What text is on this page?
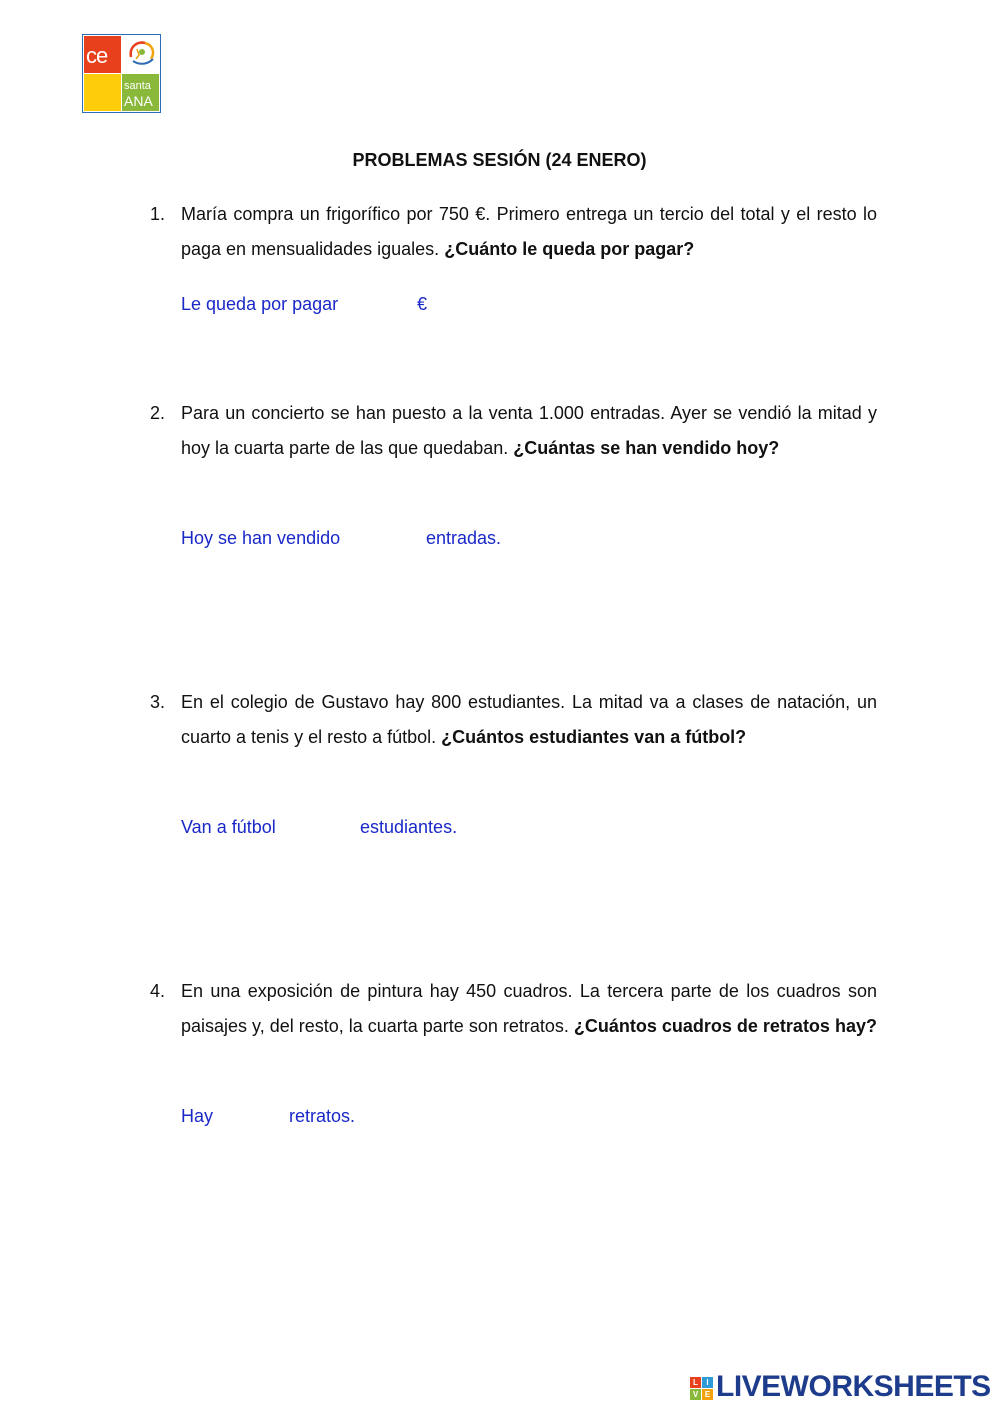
ce
santa
ANA
PROBLEMAS SESIÓN (24 ENERO)
1. María compra un frigorífico por 750 €. Primero entrega un tercio del total y el resto lo paga en mensualidades iguales. ¿Cuánto le queda por pagar?
Le queda por pagar	€
2. Para un concierto se han puesto a la venta 1.000 entradas. Ayer se vendió la mitad y hoy la cuarta parte de las que quedaban. ¿Cuántas se han vendido hoy?
Hoy se han vendido	entradas.
3. En el colegio de Gustavo hay 800 estudiantes. La mitad va a clases de natación, un cuarto a tenis y el resto a fútbol. ¿Cuántos estudiantes van a fútbol?
Van a fútbol	estudiantes.
4. En una exposición de pintura hay 450 cuadros. La tercera parte de los cuadros son paisajes y, del resto, la cuarta parte son retratos. ¿Cuántos cuadros de retratos hay?
Hay	retratos.
L	I
V E LIVEWORKSHEETS
